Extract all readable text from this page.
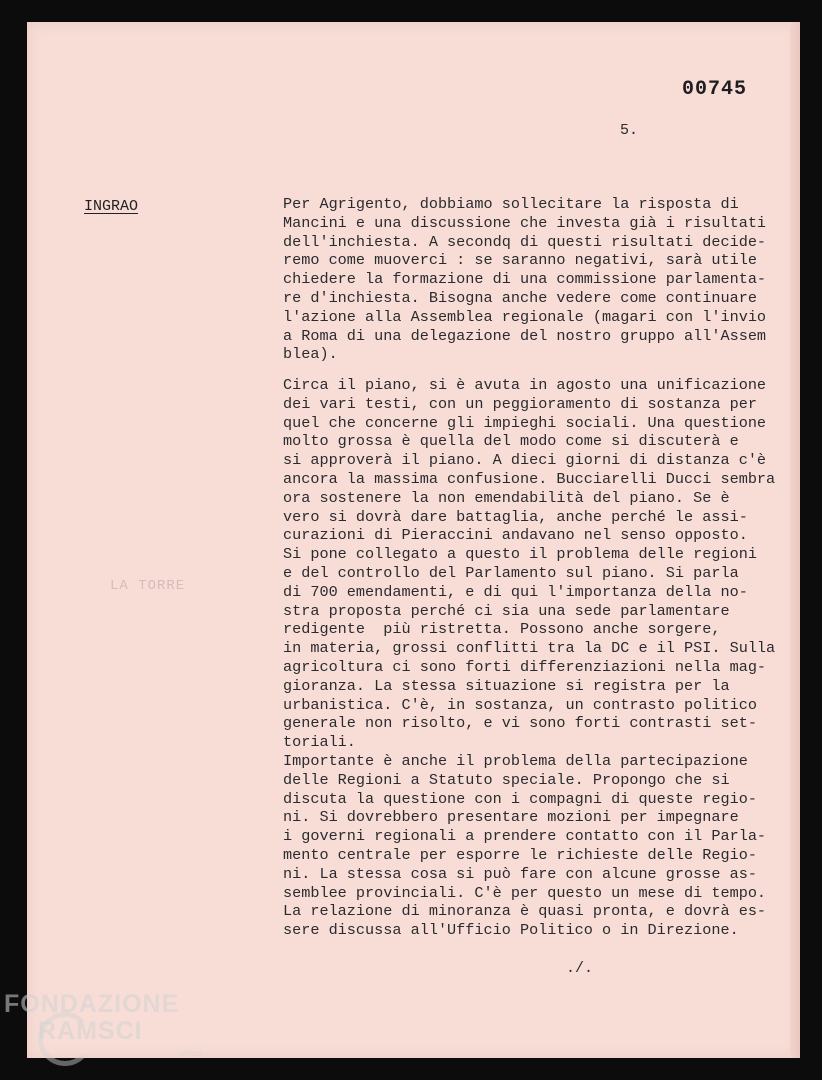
00745
5.
INGRAO
LA TORRE
Per Agrigento, dobbiamo sollecitare la risposta di
Mancini e una discussione che investa già i risultati
dell'inchiesta. A secondq di questi risultati decide-
remo come muoverci : se saranno negativi, sarà utile
chiedere la formazione di una commissione parlamenta-
re d'inchiesta. Bisogna anche vedere come continuare
l'azione alla Assemblea regionale (magari con l'invio
a Roma di una delegazione del nostro gruppo all'Assem
blea).
Circa il piano, si è avuta in agosto una unificazione
dei vari testi, con un peggioramento di sostanza per
quel che concerne gli impieghi sociali. Una questione
molto grossa è quella del modo come si discuterà e
si approverà il piano. A dieci giorni di distanza c'è
ancora la massima confusione. Bucciarelli Ducci sembra
ora sostenere la non emendabilità del piano. Se è
vero si dovrà dare battaglia, anche perché le assi-
curazioni di Pieraccini andavano nel senso opposto.
Si pone collegato a questo il problema delle regioni
e del controllo del Parlamento sul piano. Si parla
di 700 emendamenti, e di qui l'importanza della no-
stra proposta perché ci sia una sede parlamentare
redigente  più ristretta. Possono anche sorgere,
in materia, grossi conflitti tra la DC e il PSI. Sulla
agricoltura ci sono forti differenziazioni nella mag-
gioranza. La stessa situazione si registra per la
urbanistica. C'è, in sostanza, un contrasto politico
generale non risolto, e vi sono forti contrasti set-
toriali.
Importante è anche il problema della partecipazione
delle Regioni a Statuto speciale. Propongo che si
discuta la questione con i compagni di queste regio-
ni. Si dovrebbero presentare mozioni per impegnare
i governi regionali a prendere contatto con il Parla-
mento centrale per esporre le richieste delle Regio-
ni. La stessa cosa si può fare con alcune grosse as-
semblee provinciali. C'è per questo un mese di tempo.
La relazione di minoranza è quasi pronta, e dovrà es-
sere discussa all'Ufficio Politico o in Direzione.
./.
FONDAZIONE
RAMSCI
onlus
